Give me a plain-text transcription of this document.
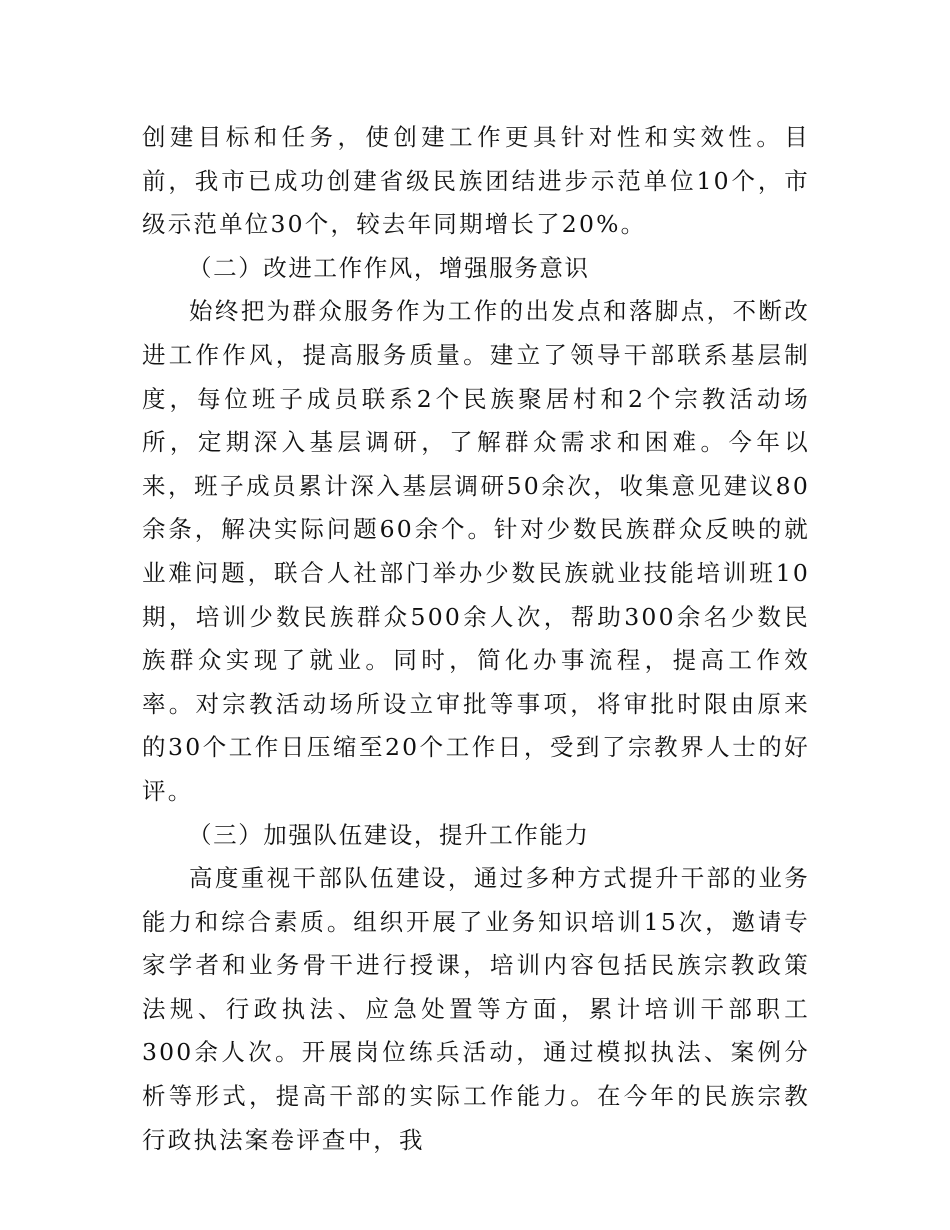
创建目标和任务，使创建工作更具针对性和实效性。目前，我市已成功创建省级民族团结进步示范单位10个，市级示范单位30个，较去年同期增长了20%。

（二）改进工作作风，增强服务意识

始终把为群众服务作为工作的出发点和落脚点，不断改进工作作风，提高服务质量。建立了领导干部联系基层制度，每位班子成员联系2个民族聚居村和2个宗教活动场所，定期深入基层调研，了解群众需求和困难。今年以来，班子成员累计深入基层调研50余次，收集意见建议80余条，解决实际问题60余个。针对少数民族群众反映的就业难问题，联合人社部门举办少数民族就业技能培训班10期，培训少数民族群众500余人次，帮助300余名少数民族群众实现了就业。同时，简化办事流程，提高工作效率。对宗教活动场所设立审批等事项，将审批时限由原来的30个工作日压缩至20个工作日，受到了宗教界人士的好评。

（三）加强队伍建设，提升工作能力

高度重视干部队伍建设，通过多种方式提升干部的业务能力和综合素质。组织开展了业务知识培训15次，邀请专家学者和业务骨干进行授课，培训内容包括民族宗教政策法规、行政执法、应急处置等方面，累计培训干部职工300余人次。开展岗位练兵活动，通过模拟执法、案例分析等形式，提高干部的实际工作能力。在今年的民族宗教行政执法案卷评查中，我
